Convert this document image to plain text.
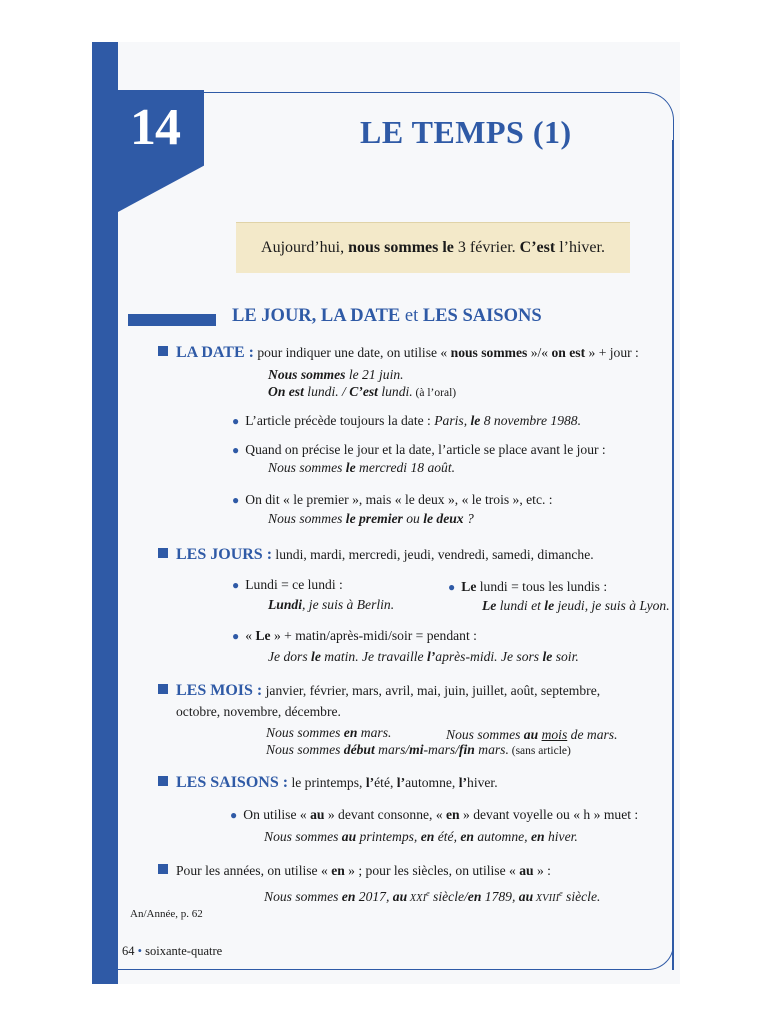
14	LE TEMPS (1)
Aujourd’hui, nous sommes le 3 février. C’est l’hiver.
LE JOUR, LA DATE et LES SAISONS
LA DATE : pour indiquer une date, on utilise « nous sommes »/« on est » + jour :
Nous sommes le 21 juin.
On est lundi. / C’est lundi. (à l’oral)
● L’article précède toujours la date : Paris, le 8 novembre 1988.
● Quand on précise le jour et la date, l’article se place avant le jour :
Nous sommes le mercredi 18 août.
● On dit « le premier », mais « le deux », « le trois », etc. :
Nous sommes le premier ou le deux ?
LES JOURS : lundi, mardi, mercredi, jeudi, vendredi, samedi, dimanche.
● Lundi = ce lundi :
Lundi, je suis à Berlin.
● Le lundi = tous les lundis :
Le lundi et le jeudi, je suis à Lyon.
● « Le » + matin/après-midi/soir = pendant :
Je dors le matin. Je travaille l’après-midi. Je sors le soir.
LES MOIS : janvier, février, mars, avril, mai, juin, juillet, août, septembre,
octobre, novembre, décembre.
Nous sommes en mars.	Nous sommes au mois de mars.
Nous sommes début mars/mi-mars/fin mars. (sans article)
LES SAISONS : le printemps, l’été, l’automne, l’hiver.
● On utilise « au » devant consonne, « en » devant voyelle ou « h » muet :
Nous sommes au printemps, en été, en automne, en hiver.
Pour les années, on utilise « en » ; pour les siècles, on utilise « au » :
Nous sommes en 2017, au XXIe siècle/en 1789, au XVIIIe siècle.
An/Année, p. 62
64 • soixante-quatre
